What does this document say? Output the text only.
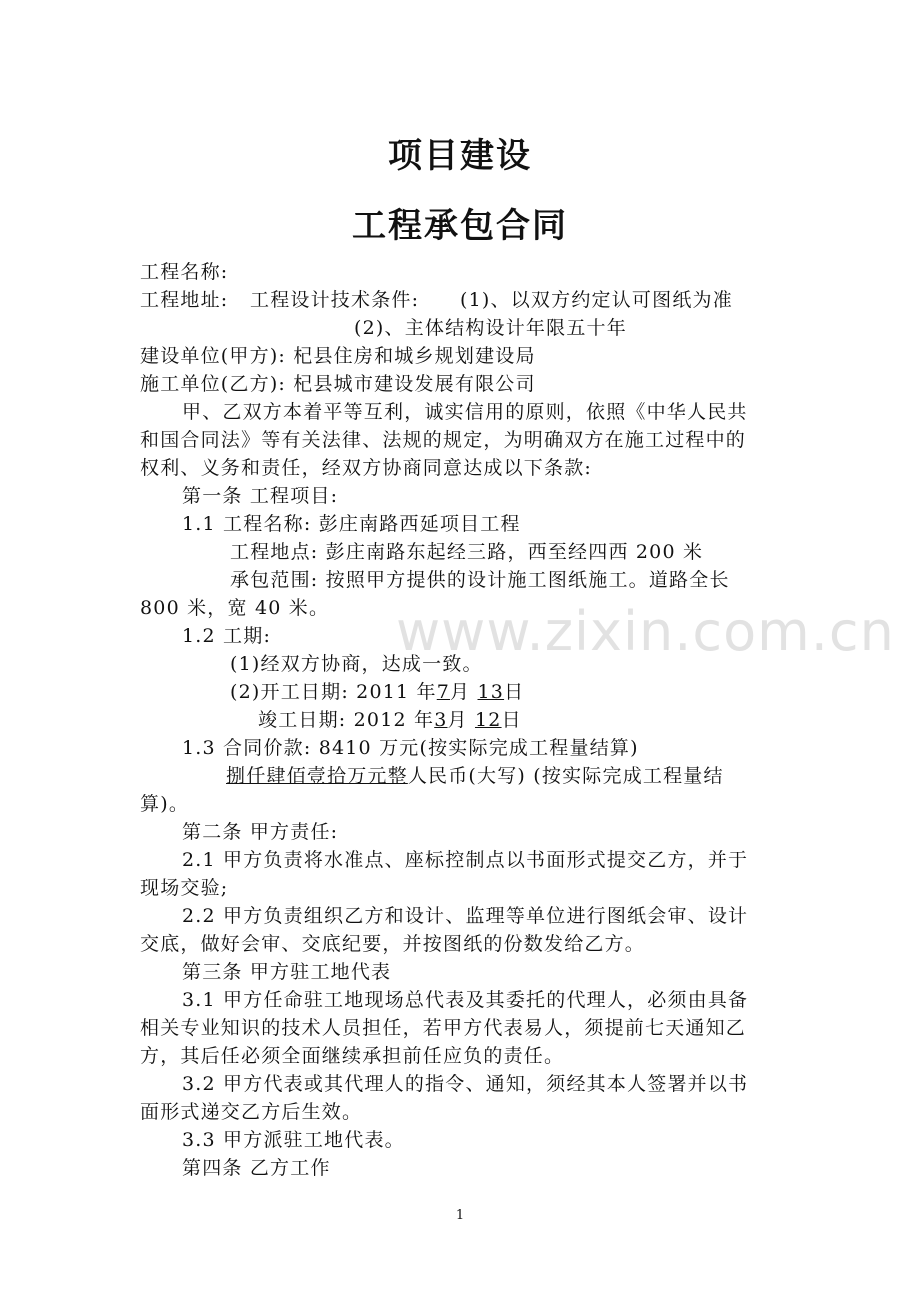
项目建设
工程承包合同
工程名称:
工程地址: 工程设计技术条件: (1)、以双方约定认可图纸为准
(2)、主体结构设计年限五十年
建设单位(甲方): 杞县住房和城乡规划建设局
施工单位(乙方): 杞县城市建设发展有限公司
甲、乙双方本着平等互利，诚实信用的原则，依照《中华人民共
和国合同法》等有关法律、法规的规定，为明确双方在施工过程中的
权利、义务和责任，经双方协商同意达成以下条款:
第一条 工程项目:
1.1 工程名称: 彭庄南路西延项目工程
工程地点: 彭庄南路东起经三路，西至经四西 200 米
承包范围: 按照甲方提供的设计施工图纸施工。道路全长
800 米，宽 40 米。
1.2 工期:
(1)经双方协商，达成一致。
(2)开工日期: 2011 年7月 13日
竣工日期: 2012 年3月 12日
1.3 合同价款: 8410 万元(按实际完成工程量结算)
捌仟肆佰壹拾万元整人民币(大写) (按实际完成工程量结
算)。
第二条 甲方责任:
2.1 甲方负责将水准点、座标控制点以书面形式提交乙方，并于
现场交验;
2.2 甲方负责组织乙方和设计、监理等单位进行图纸会审、设计
交底，做好会审、交底纪要，并按图纸的份数发给乙方。
第三条 甲方驻工地代表
3.1 甲方任命驻工地现场总代表及其委托的代理人，必须由具备
相关专业知识的技术人员担任，若甲方代表易人，须提前七天通知乙
方，其后任必须全面继续承担前任应负的责任。
3.2 甲方代表或其代理人的指令、通知，须经其本人签署并以书
面形式递交乙方后生效。
3.3 甲方派驻工地代表。
第四条 乙方工作
www.zixin.com.cn
1
